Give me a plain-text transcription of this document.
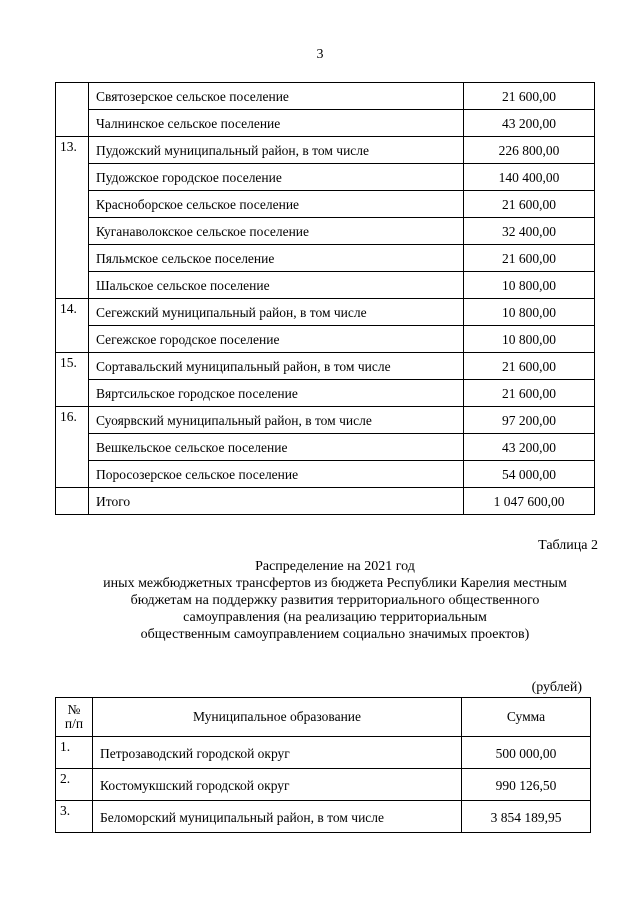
3
	Святозерское сельское поселение	21 600,00
	Чалнинское сельское поселение	43 200,00
13.	Пудожский муниципальный район, в том числе	226 800,00
	Пудожское городское поселение	140 400,00
	Красноборское сельское поселение	21 600,00
	Куганаволокское сельское поселение	32 400,00
	Пяльмское сельское поселение	21 600,00
	Шальское сельское поселение	10 800,00
14.	Сегежский муниципальный район, в том числе	10 800,00
	Сегежское городское поселение	10 800,00
15.	Сортавальский муниципальный район, в том числе	21 600,00
	Вяртсильское городское поселение	21 600,00
16.	Суоярвский муниципальный район, в том числе	97 200,00
	Вешкельское сельское поселение	43 200,00
	Поросозерское сельское поселение	54 000,00
	Итого	1 047 600,00
Таблица 2
Распределение на 2021 год
иных межбюджетных трансфертов из бюджета Республики Карелия местным
бюджетам на поддержку развития территориального общественного
самоуправления (на реализацию территориальным
общественным самоуправлением социально значимых проектов)
(рублей)
№
п/п	Муниципальное образование	Сумма
1.	Петрозаводский городской округ	500 000,00
2.	Костомукшский городской округ	990 126,50
3.	Беломорский муниципальный район, в том числе	3 854 189,95
